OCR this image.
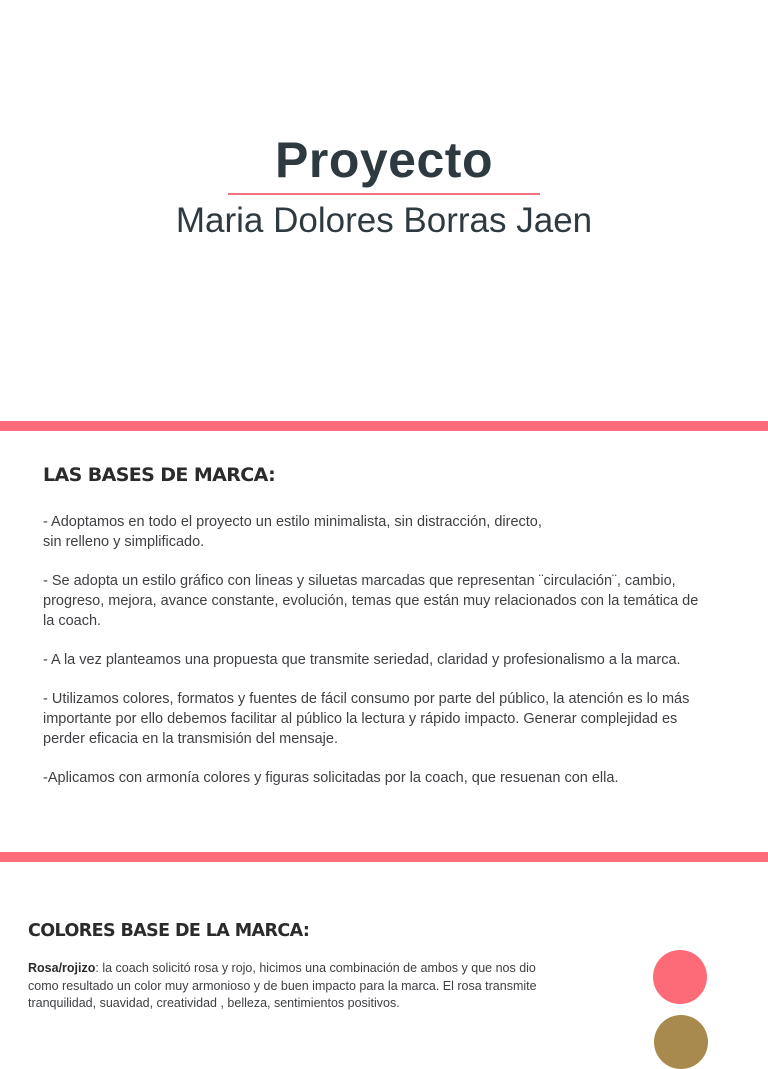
Proyecto
Maria Dolores Borras Jaen
LAS BASES DE MARCA:

- Adoptamos en todo el proyecto un estilo minimalista, sin distracción, directo,
sin relleno y simplificado.

- Se adopta un estilo gráfico con lineas y siluetas marcadas que representan ¨circulación¨, cambio,
progreso, mejora, avance constante, evolución, temas que están muy relacionados con la temática de
la coach.

- A la vez planteamos una propuesta que transmite seriedad, claridad y profesionalismo a la marca.

- Utilizamos colores, formatos y fuentes de fácil consumo por parte del público, la atención es lo más
importante por ello debemos facilitar al público la lectura y rápido impacto. Generar complejidad es
perder eficacia en la transmisión del mensaje.

-Aplicamos con armonía colores y figuras solicitadas por la coach, que resuenan con ella.

COLORES BASE DE LA MARCA:

Rosa/rojizo: la coach solicitó rosa y rojo, hicimos una combinación de ambos y que nos dio
como resultado un color muy armonioso y de buen impacto para la marca. El rosa transmite
tranquilidad, suavidad, creatividad , belleza, sentimientos positivos.
